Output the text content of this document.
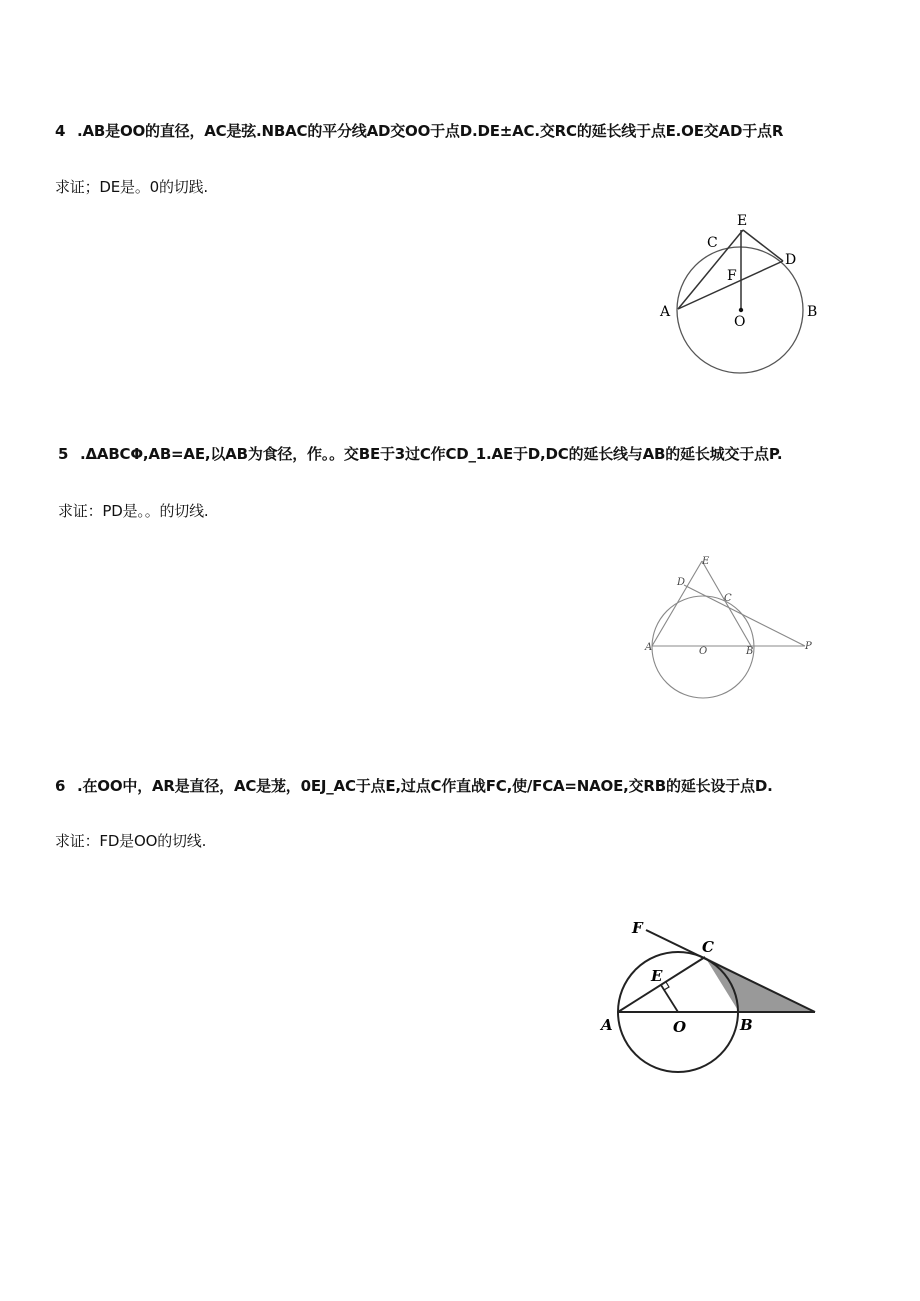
4 .AB是OO的直径，AC是弦.NBAC的平分线AD交OO于点D.DE±AC.交RC的延长线于点E.OE交AD于点R
求证；DE是。0的切践.
E
C
D
F
A
O
B
5 .ΔABCΦ,AB=AE,以AB为食径，作。。交BE于3过C作CD_1.AE于D,DC的延长线与AB的延长城交于点P.
求证：PD是。。的切线.
E
D
C
A	O	B	P
6 .在OO中，AR是直径，AC是茏，0EJ_AC于点E,过点C作直战FC,使/FCA=NAOE,交RB的延长设于点D.
求证：FD是OO的切线.
F
C
E
A	O	B
